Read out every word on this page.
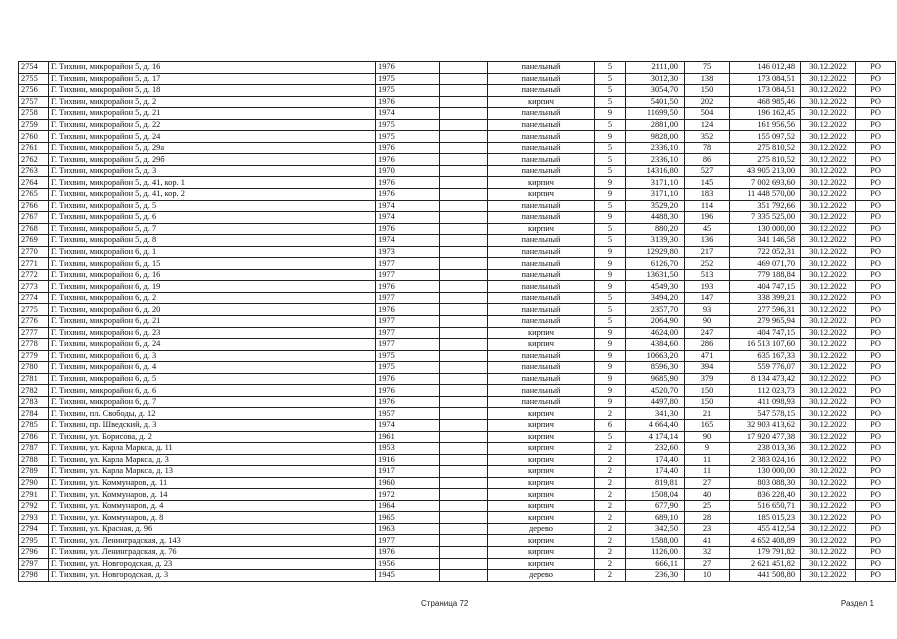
2754	Г. Тихвин, микрорайон 5, д. 16	1976		панельный	5	2111,00	75	146 012,48	30.12.2022	РО
2755	Г. Тихвин, микрорайон 5, д. 17	1975		панельный	5	3012,30	138	173 084,51	30.12.2022	РО
2756	Г. Тихвин, микрорайон 5, д. 18	1975		панельный	5	3054,70	150	173 084,51	30.12.2022	РО
2757	Г. Тихвин, микрорайон 5, д. 2	1976		кирпич	5	5401,50	202	468 985,46	30.12.2022	РО
2758	Г. Тихвин, микрорайон 5, д. 21	1974		панельный	9	11699,50	504	196 162,45	30.12.2022	РО
2759	Г. Тихвин, микрорайон 5, д. 22	1975		панельный	5	2881,00	124	161 956,56	30.12.2022	РО
2760	Г. Тихвин, микрорайон 5, д. 24	1975		панельный	9	9828,00	352	155 097,52	30.12.2022	РО
2761	Г. Тихвин, микрорайон 5, д. 29а	1976		панельный	5	2336,10	78	275 810,52	30.12.2022	РО
2762	Г. Тихвин, микрорайон 5, д. 29б	1976		панельный	5	2336,10	86	275 810,52	30.12.2022	РО
2763	Г. Тихвин, микрорайон 5, д. 3	1970		панельный	5	14316,80	527	43 905 213,00	30.12.2022	РО
2764	Г. Тихвин, микрорайон 5, д. 41, кор. 1	1976		кирпич	9	3171,10	145	7 002 693,60	30.12.2022	РО
2765	Г. Тихвин, микрорайон 5, д. 41, кор. 2	1976		кирпич	9	3171,10	183	11 448 570,00	30.12.2022	РО
2766	Г. Тихвин, микрорайон 5, д. 5	1974		панельный	5	3529,20	114	351 792,66	30.12.2022	РО
2767	Г. Тихвин, микрорайон 5, д. 6	1974		панельный	9	4488,30	196	7 335 525,00	30.12.2022	РО
2768	Г. Тихвин, микрорайон 5, д. 7	1976		кирпич	5	880,20	45	130 000,00	30.12.2022	РО
2769	Г. Тихвин, микрорайон 5, д. 8	1974		панельный	5	3139,30	136	341 146,58	30.12.2022	РО
2770	Г. Тихвин, микрорайон 6, д. 1	1973		панельный	9	12929,80	217	722 052,31	30.12.2022	РО
2771	Г. Тихвин, микрорайон 6, д. 15	1977		панельный	9	6126,70	252	469 071,70	30.12.2022	РО
2772	Г. Тихвин, микрорайон 6, д. 16	1977		панельный	9	13631,50	513	779 188,84	30.12.2022	РО
2773	Г. Тихвин, микрорайон 6, д. 19	1976		панельный	9	4549,30	193	404 747,15	30.12.2022	РО
2774	Г. Тихвин, микрорайон 6, д. 2	1977		панельный	5	3494,20	147	338 399,21	30.12.2022	РО
2775	Г. Тихвин, микрорайон 6, д. 20	1976		панельный	5	2357,70	93	277 596,31	30.12.2022	РО
2776	Г. Тихвин, микрорайон 6, д. 21	1977		панельный	5	2064,90	90	279 965,94	30.12.2022	РО
2777	Г. Тихвин, микрорайон 6, д. 23	1977		кирпич	9	4624,00	247	404 747,15	30.12.2022	РО
2778	Г. Тихвин, микрорайон 6, д. 24	1977		кирпич	9	4384,60	286	16 513 107,60	30.12.2022	РО
2779	Г. Тихвин, микрорайон 6, д. 3	1975		панельный	9	10663,20	471	635 167,33	30.12.2022	РО
2780	Г. Тихвин, микрорайон 6, д. 4	1975		панельный	9	8596,30	394	559 776,07	30.12.2022	РО
2781	Г. Тихвин, микрорайон 6, д. 5	1976		панельный	9	9685,90	379	8 134 473,42	30.12.2022	РО
2782	Г. Тихвин, микрорайон 6, д. 6	1976		панельный	9	4520,70	150	112 023,73	30.12.2022	РО
2783	Г. Тихвин, микрорайон 6, д. 7	1976		панельный	9	4497,80	150	411 098,93	30.12.2022	РО
2784	Г. Тихвин, пл. Свободы, д. 12	1957		кирпич	2	341,30	21	547 578,15	30.12.2022	РО
2785	Г. Тихвин, пр. Шведский, д. 3	1974		кирпич	6	4 664,40	165	32 903 413,62	30.12.2022	РО
2786	Г. Тихвин, ул. Борисова, д. 2	1961		кирпич	5	4 174,14	90	17 920 477,38	30.12.2022	РО
2787	Г. Тихвин, ул. Карла Маркса, д. 11	1953		кирпич	2	232,60	9	238 013,36	30.12.2022	РО
2788	Г. Тихвин, ул. Карла Маркса, д. 3	1916		кирпич	2	174,40	11	2 383 024,16	30.12.2022	РО
2789	Г. Тихвин, ул. Карла Маркса, д. 13	1917		кирпич	2	174,40	11	130 000,00	30.12.2022	РО
2790	Г. Тихвин, ул. Коммунаров, д. 11	1960		кирпич	2	819,81	27	803 088,30	30.12.2022	РО
2791	Г. Тихвин, ул. Коммунаров, д. 14	1972		кирпич	2	1508,04	40	836 228,40	30.12.2022	РО
2792	Г. Тихвин, ул. Коммунаров, д. 4	1964		кирпич	2	677,90	25	516 650,71	30.12.2022	РО
2793	Г. Тихвин, ул. Коммунаров, д. 8	1965		кирпич	2	689,10	28	185 015,23	30.12.2022	РО
2794	Г. Тихвин, ул. Красная, д. 96	1963		дерево	2	342,50	23	455 412,54	30.12.2022	РО
2795	Г. Тихвин, ул. Ленинградская, д. 143	1977		кирпич	2	1588,00	41	4 652 408,89	30.12.2022	РО
2796	Г. Тихвин, ул. Ленинградская, д. 76	1976		кирпич	2	1126,00	32	179 791,82	30.12.2022	РО
2797	Г. Тихвин, ул. Новгородская, д. 23	1956		кирпич	2	666,11	27	2 621 451,82	30.12.2022	РО
2798	Г. Тихвин, ул. Новгородская, д. 3	1945		дерево	2	236,30	10	441 508,80	30.12.2022	РО
Страница 72	Раздел 1
